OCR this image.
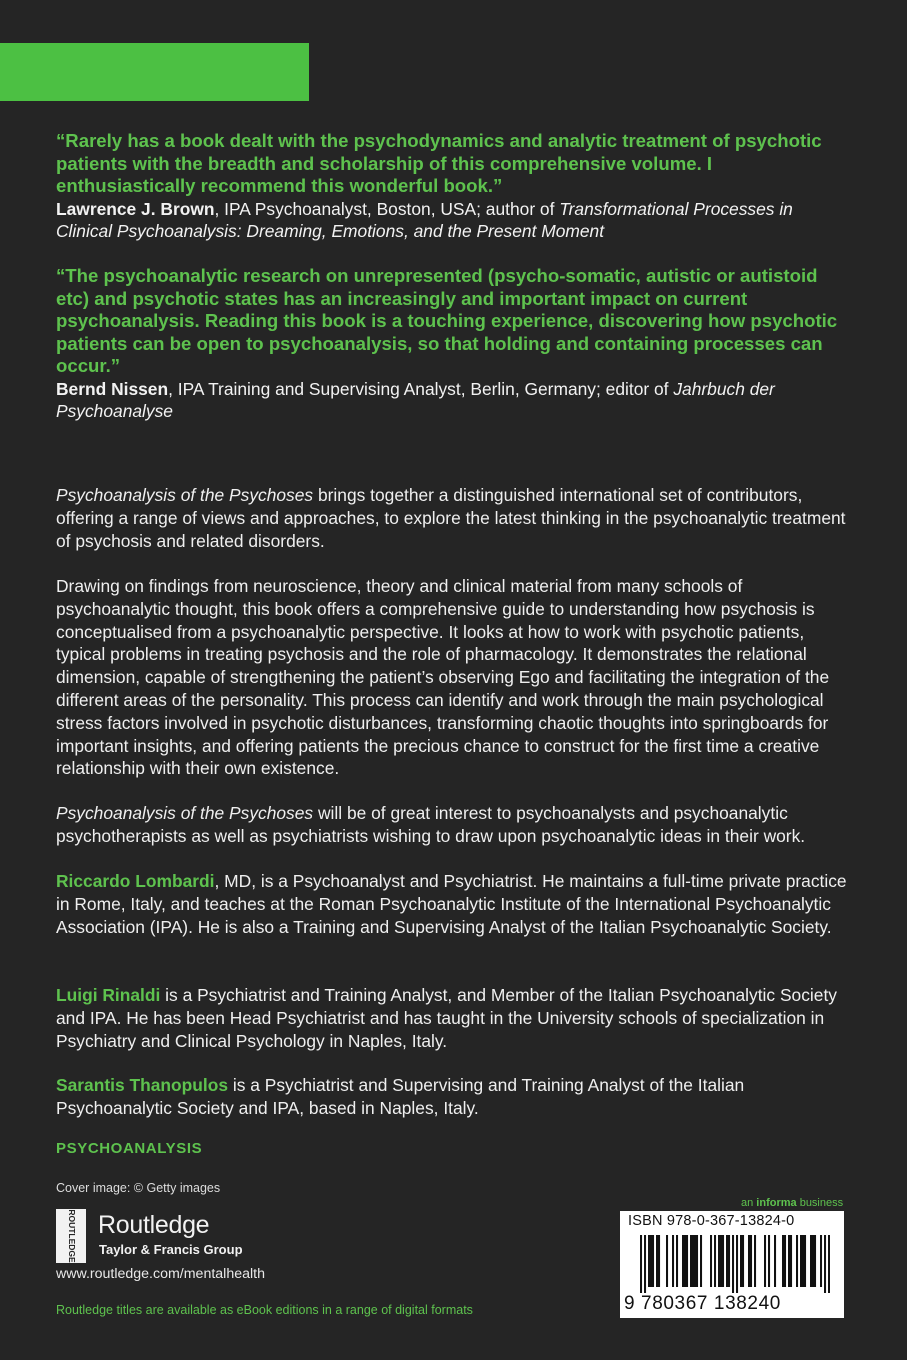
“Rarely has a book dealt with the psychodynamics and analytic treatment of psychotic patients with the breadth and scholarship of this comprehensive volume. I enthusiastically recommend this wonderful book.”

Lawrence J. Brown, IPA Psychoanalyst, Boston, USA; author of Transformational Processes in Clinical Psychoanalysis: Dreaming, Emotions, and the Present Moment

“The psychoanalytic research on unrepresented (psycho-somatic, autistic or autistoid etc) and psychotic states has an increasingly and important impact on current psychoanalysis. Reading this book is a touching experience, discovering how psychotic patients can be open to psychoanalysis, so that holding and containing processes can occur.”

Bernd Nissen, IPA Training and Supervising Analyst, Berlin, Germany; editor of Jahrbuch der Psychoanalyse

Psychoanalysis of the Psychoses brings together a distinguished international set of contributors, offering a range of views and approaches, to explore the latest thinking in the psychoanalytic treatment of psychosis and related disorders.

Drawing on findings from neuroscience, theory and clinical material from many schools of psychoanalytic thought, this book offers a comprehensive guide to understanding how psychosis is conceptualised from a psychoanalytic perspective. It looks at how to work with psychotic patients, typical problems in treating psychosis and the role of pharmacology. It demonstrates the relational dimension, capable of strengthening the patient’s observing Ego and facilitating the integration of the different areas of the personality. This process can identify and work through the main psychological stress factors involved in psychotic disturbances, transforming chaotic thoughts into springboards for important insights, and offering patients the precious chance to construct for the first time a creative relationship with their own existence.

Psychoanalysis of the Psychoses will be of great interest to psychoanalysts and psychoanalytic psychotherapists as well as psychiatrists wishing to draw upon psychoanalytic ideas in their work.

Riccardo Lombardi, MD, is a Psychoanalyst and Psychiatrist. He maintains a full-time private practice in Rome, Italy, and teaches at the Roman Psychoanalytic Institute of the International Psychoanalytic Association (IPA). He is also a Training and Supervising Analyst of the Italian Psychoanalytic Society.

Luigi Rinaldi is a Psychiatrist and Training Analyst, and Member of the Italian Psychoanalytic Society and IPA. He has been Head Psychiatrist and has taught in the University schools of specialization in Psychiatry and Clinical Psychology in Naples, Italy.

Sarantis Thanopulos is a Psychiatrist and Supervising and Training Analyst of the Italian Psychoanalytic Society and IPA, based in Naples, Italy.

PSYCHOANALYSIS

Cover image: © Getty images

ROUTLEDGE Routledge

Taylor & Francis Group

www.routledge.com/mentalhealth

Routledge titles are available as eBook editions in a range of digital formats

an informa business

ISBN 978-0-367-13824-0

9 780367 138240
